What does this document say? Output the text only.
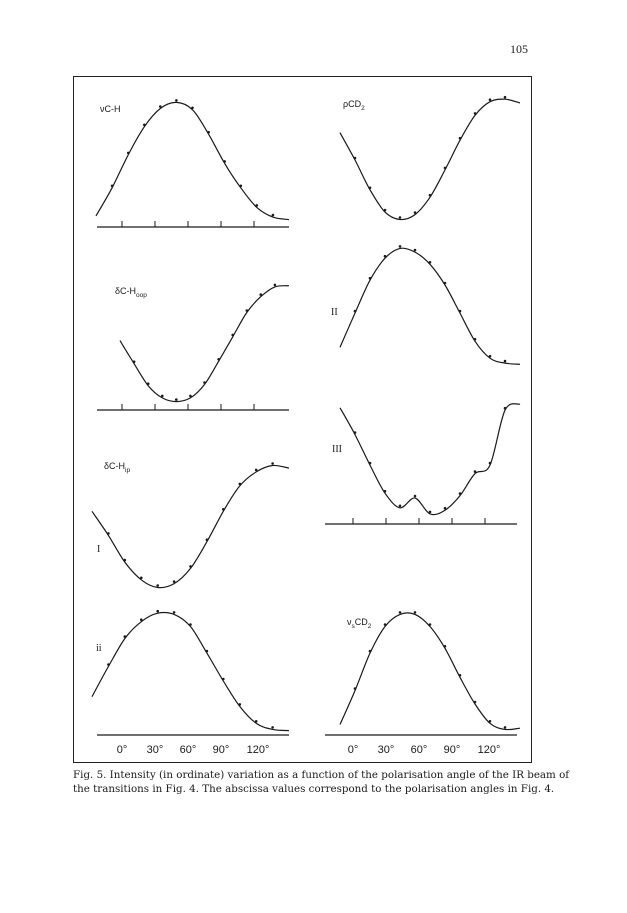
105
νC-H
$\delta C-H_{oop}$
$\delta C-H_{ip}$
ρCD$_2$
$\nu_sCD_2$
I
ii
II
III
0° 30° 60° 90° 120°	0° 30° 60° 90° 120°
Fig. 5. Intensity (in ordinate) variation as a function of the polarisation angle of the IR beam of
the transitions in Fig. 4. The abscissa values correspond to the polarisation angles in Fig. 4.
